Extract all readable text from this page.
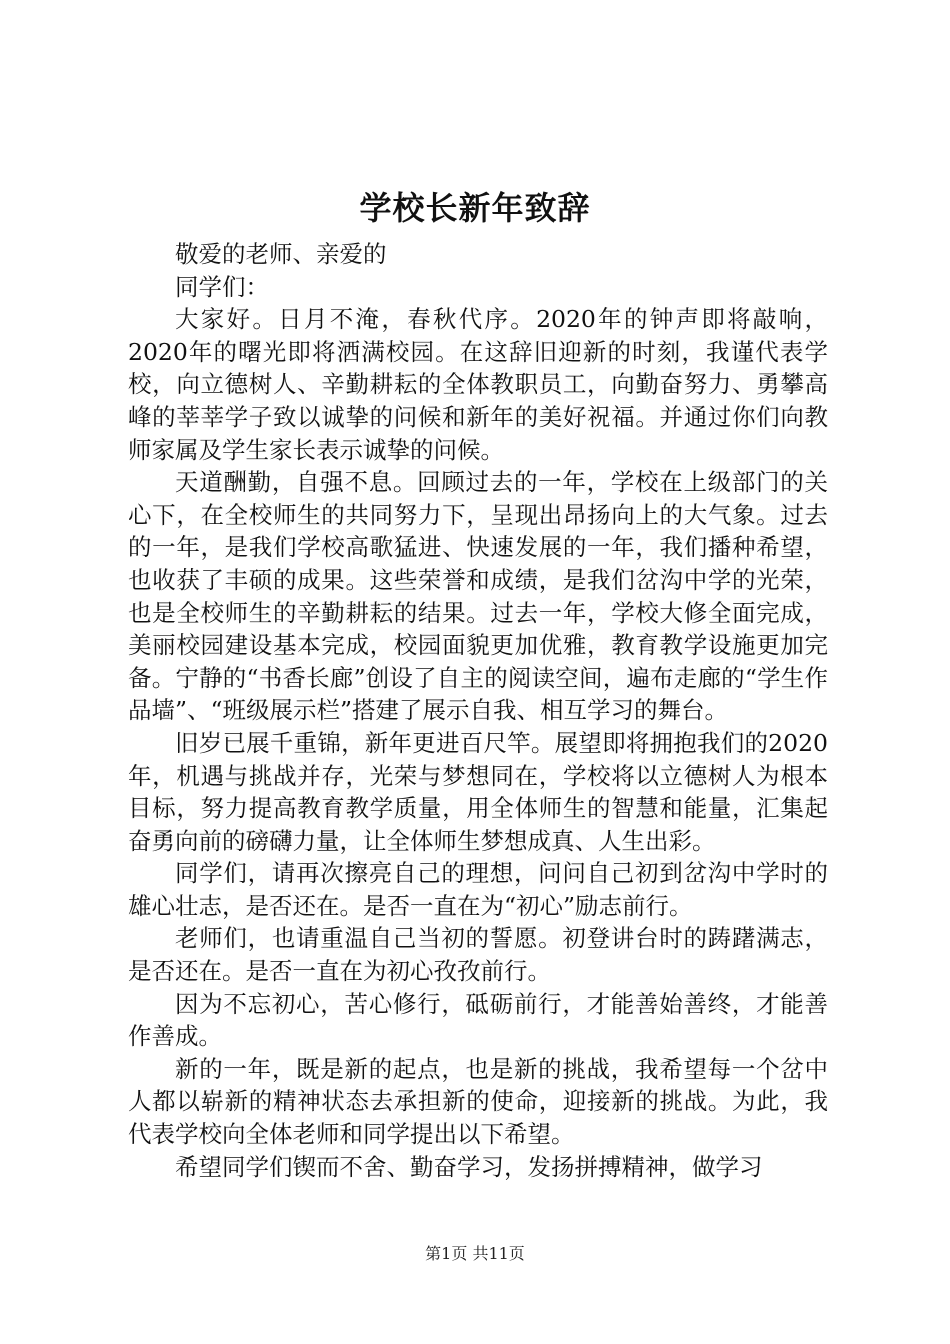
学校长新年致辞

敬爱的老师、亲爱的

同学们：

大家好。日月不淹，春秋代序。2020年的钟声即将敲响，2020年的曙光即将洒满校园。在这辞旧迎新的时刻，我谨代表学校，向立德树人、辛勤耕耘的全体教职员工，向勤奋努力、勇攀高峰的莘莘学子致以诚挚的问候和新年的美好祝福。并通过你们向教师家属及学生家长表示诚挚的问候。

天道酬勤，自强不息。回顾过去的一年，学校在上级部门的关心下，在全校师生的共同努力下，呈现出昂扬向上的大气象。过去的一年，是我们学校高歌猛进、快速发展的一年，我们播种希望，也收获了丰硕的成果。这些荣誉和成绩，是我们岔沟中学的光荣，也是全校师生的辛勤耕耘的结果。过去一年，学校大修全面完成，美丽校园建设基本完成，校园面貌更加优雅，教育教学设施更加完备。宁静的“书香长廊”创设了自主的阅读空间，遍布走廊的“学生作品墙”、“班级展示栏”搭建了展示自我、相互学习的舞台。

旧岁已展千重锦，新年更进百尺竿。展望即将拥抱我们的2020年，机遇与挑战并存，光荣与梦想同在，学校将以立德树人为根本目标，努力提高教育教学质量，用全体师生的智慧和能量，汇集起奋勇向前的磅礴力量，让全体师生梦想成真、人生出彩。

同学们，请再次擦亮自己的理想，问问自己初到岔沟中学时的雄心壮志，是否还在。是否一直在为“初心”励志前行。

老师们，也请重温自己当初的誓愿。初登讲台时的踌躇满志，是否还在。是否一直在为初心孜孜前行。

因为不忘初心，苦心修行，砥砺前行，才能善始善终，才能善作善成。

新的一年，既是新的起点，也是新的挑战，我希望每一个岔中人都以崭新的精神状态去承担新的使命，迎接新的挑战。为此，我代表学校向全体老师和同学提出以下希望。

希望同学们锲而不舍、勤奋学习，发扬拼搏精神，做学习

第1页 共11页
